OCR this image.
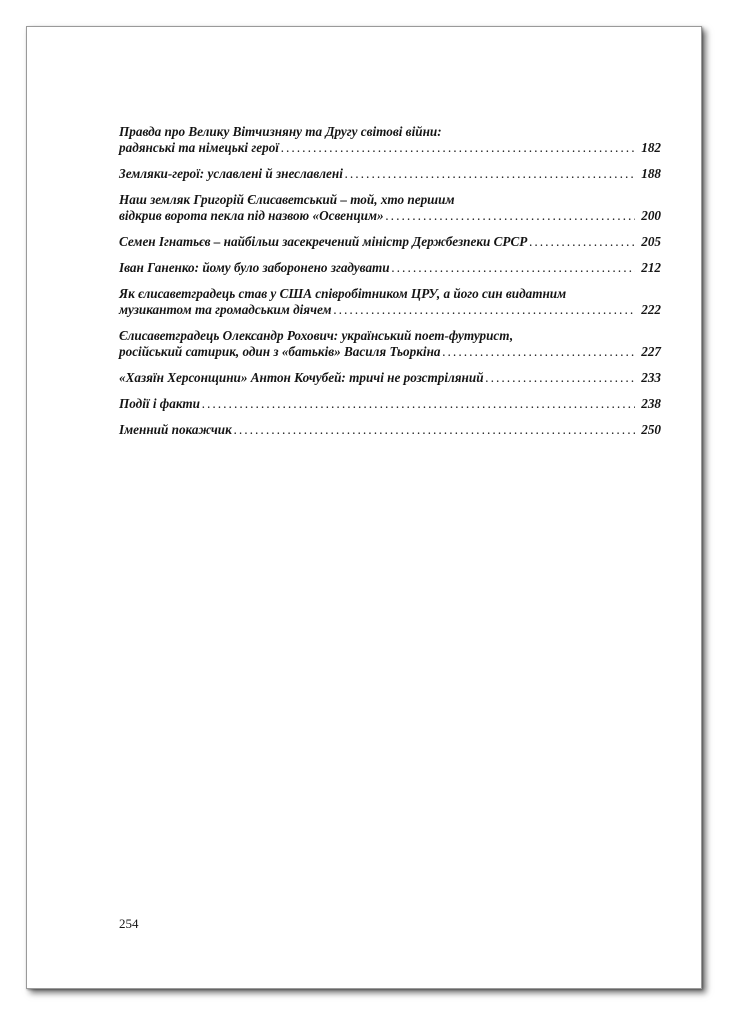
Правда про Велику Вітчизняну та Другу світові війни:
радянські та німецькі герої . . .	182
Земляки-герої: уславлені й знеславлені . . .	188
Наш земляк Григорій Єлисаветський – той, хто першим
відкрив ворота пекла під назвою «Освенцим» . . .	200
Семен Ігнатьєв – найбільш засекречений міністр Держбезпеки СРСР . . .	205
Іван Ганенко: йому було заборонено згадувати . . .	212
Як єлисаветградець став у США співробітником ЦРУ, а його син видатним
музикантом та громадським діячем . . .	222
Єлисаветградець Олександр Рохович: український поет-футурист,
російський сатирик, один з «батьків» Василя Тьоркіна . . .	227
«Хазяїн Херсонщини» Антон Кочубей: тричі не розстріляний . . .	233
Події і факти . . .	238
Іменний покажчик . . .	250
254
